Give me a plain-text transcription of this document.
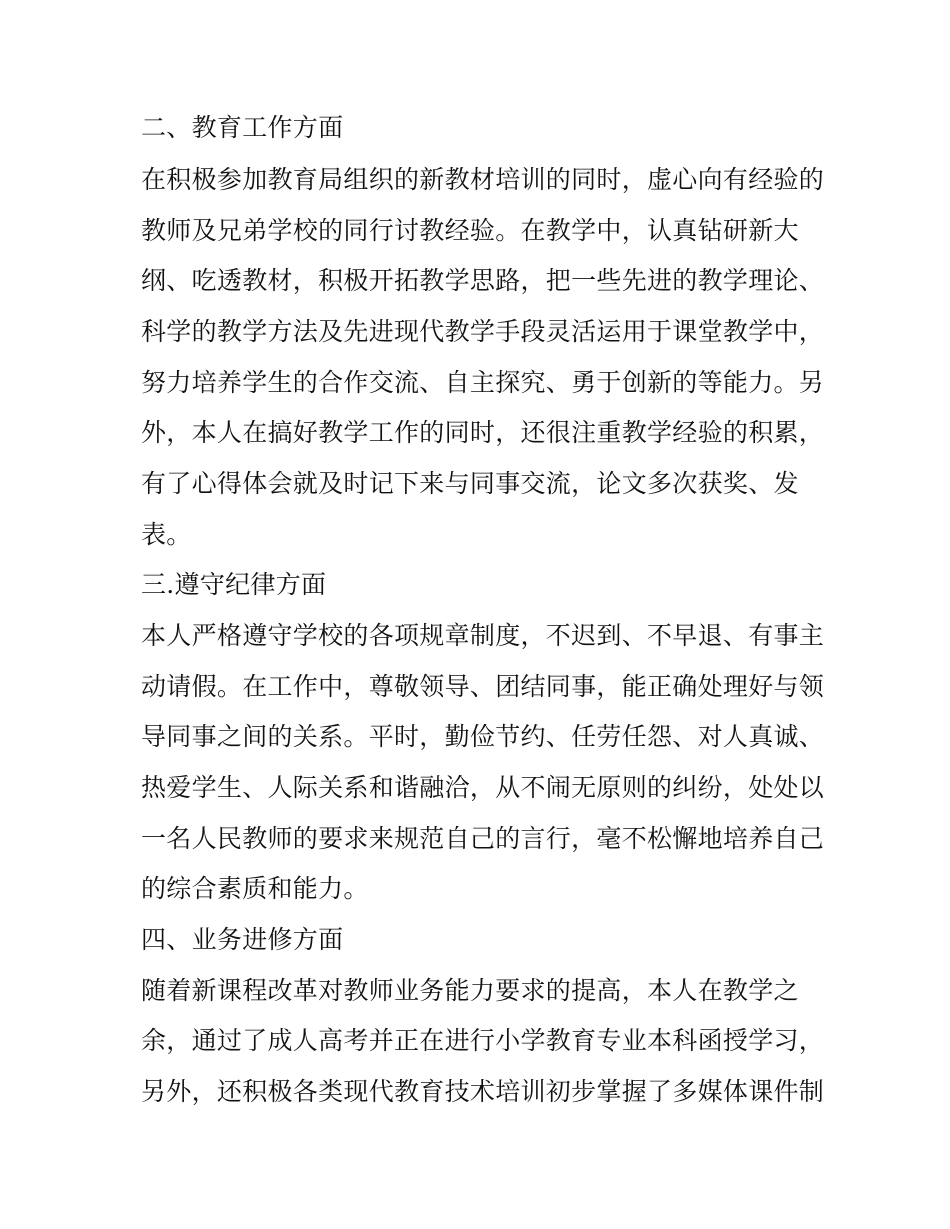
二、教育工作方面
在积极参加教育局组织的新教材培训的同时，虚心向有经验的
教师及兄弟学校的同行讨教经验。在教学中，认真钻研新大
纲、吃透教材，积极开拓教学思路，把一些先进的教学理论、
科学的教学方法及先进现代教学手段灵活运用于课堂教学中，
努力培养学生的合作交流、自主探究、勇于创新的等能力。另
外，本人在搞好教学工作的同时，还很注重教学经验的积累，
有了心得体会就及时记下来与同事交流，论文多次获奖、发
表。
三.遵守纪律方面
本人严格遵守学校的各项规章制度，不迟到、不早退、有事主
动请假。在工作中，尊敬领导、团结同事，能正确处理好与领
导同事之间的关系。平时，勤俭节约、任劳任怨、对人真诚、
热爱学生、人际关系和谐融洽，从不闹无原则的纠纷，处处以
一名人民教师的要求来规范自己的言行，毫不松懈地培养自己
的综合素质和能力。
四、业务进修方面
随着新课程改革对教师业务能力要求的提高，本人在教学之
余，通过了成人高考并正在进行小学教育专业本科函授学习，
另外，还积极各类现代教育技术培训初步掌握了多媒体课件制
